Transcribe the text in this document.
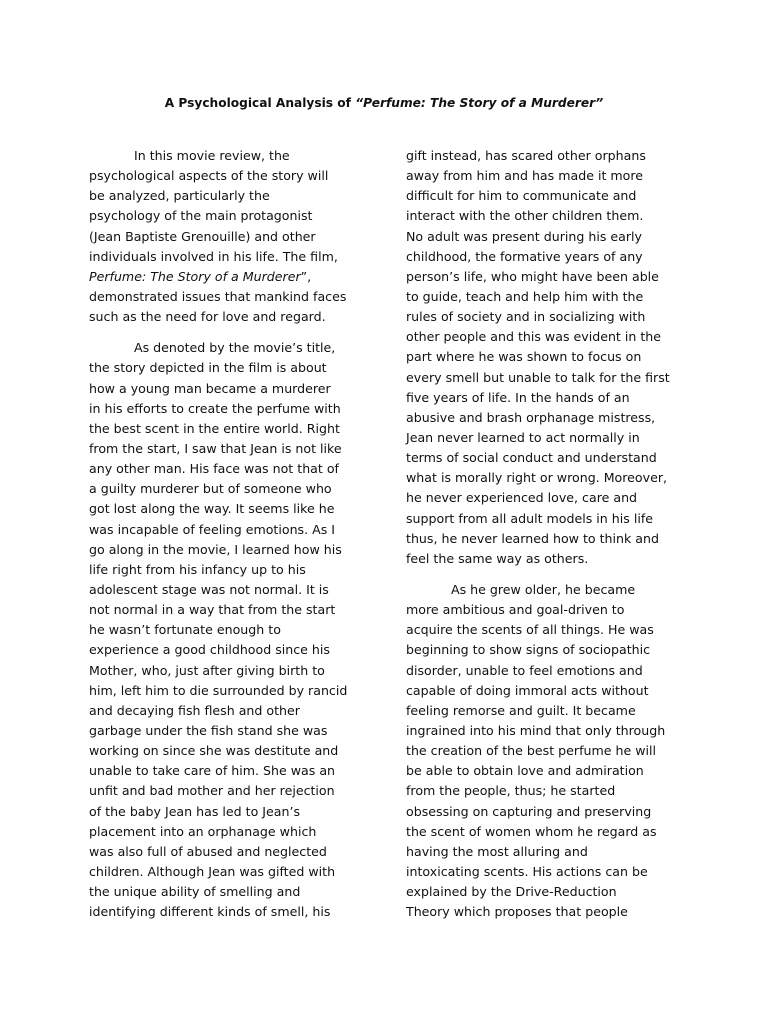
A Psychological Analysis of “Perfume: The Story of a Murderer”
In this movie review, the
psychological aspects of the story will
be analyzed, particularly the
psychology of the main protagonist
(Jean Baptiste Grenouille) and other
individuals involved in his life. The film,
Perfume: The Story of a Murderer”,
demonstrated issues that mankind faces
such as the need for love and regard.
As denoted by the movie’s title,
the story depicted in the film is about
how a young man became a murderer
in his efforts to create the perfume with
the best scent in the entire world. Right
from the start, I saw that Jean is not like
any other man. His face was not that of
a guilty murderer but of someone who
got lost along the way. It seems like he
was incapable of feeling emotions. As I
go along in the movie, I learned how his
life right from his infancy up to his
adolescent stage was not normal. It is
not normal in a way that from the start
he wasn’t fortunate enough to
experience a good childhood since his
Mother, who, just after giving birth to
him, left him to die surrounded by rancid
and decaying fish flesh and other
garbage under the fish stand she was
working on since she was destitute and
unable to take care of him. She was an
unfit and bad mother and her rejection
of the baby Jean has led to Jean’s
placement into an orphanage which
was also full of abused and neglected
children. Although Jean was gifted with
the unique ability of smelling and
identifying different kinds of smell, his
gift instead, has scared other orphans
away from him and has made it more
difficult for him to communicate and
interact with the other children them.
No adult was present during his early
childhood, the formative years of any
person’s life, who might have been able
to guide, teach and help him with the
rules of society and in socializing with
other people and this was evident in the
part where he was shown to focus on
every smell but unable to talk for the first
five years of life. In the hands of an
abusive and brash orphanage mistress,
Jean never learned to act normally in
terms of social conduct and understand
what is morally right or wrong. Moreover,
he never experienced love, care and
support from all adult models in his life
thus, he never learned how to think and
feel the same way as others.
As he grew older, he became
more ambitious and goal-driven to
acquire the scents of all things. He was
beginning to show signs of sociopathic
disorder, unable to feel emotions and
capable of doing immoral acts without
feeling remorse and guilt. It became
ingrained into his mind that only through
the creation of the best perfume he will
be able to obtain love and admiration
from the people, thus; he started
obsessing on capturing and preserving
the scent of women whom he regard as
having the most alluring and
intoxicating scents. His actions can be
explained by the Drive-Reduction
Theory which proposes that people
